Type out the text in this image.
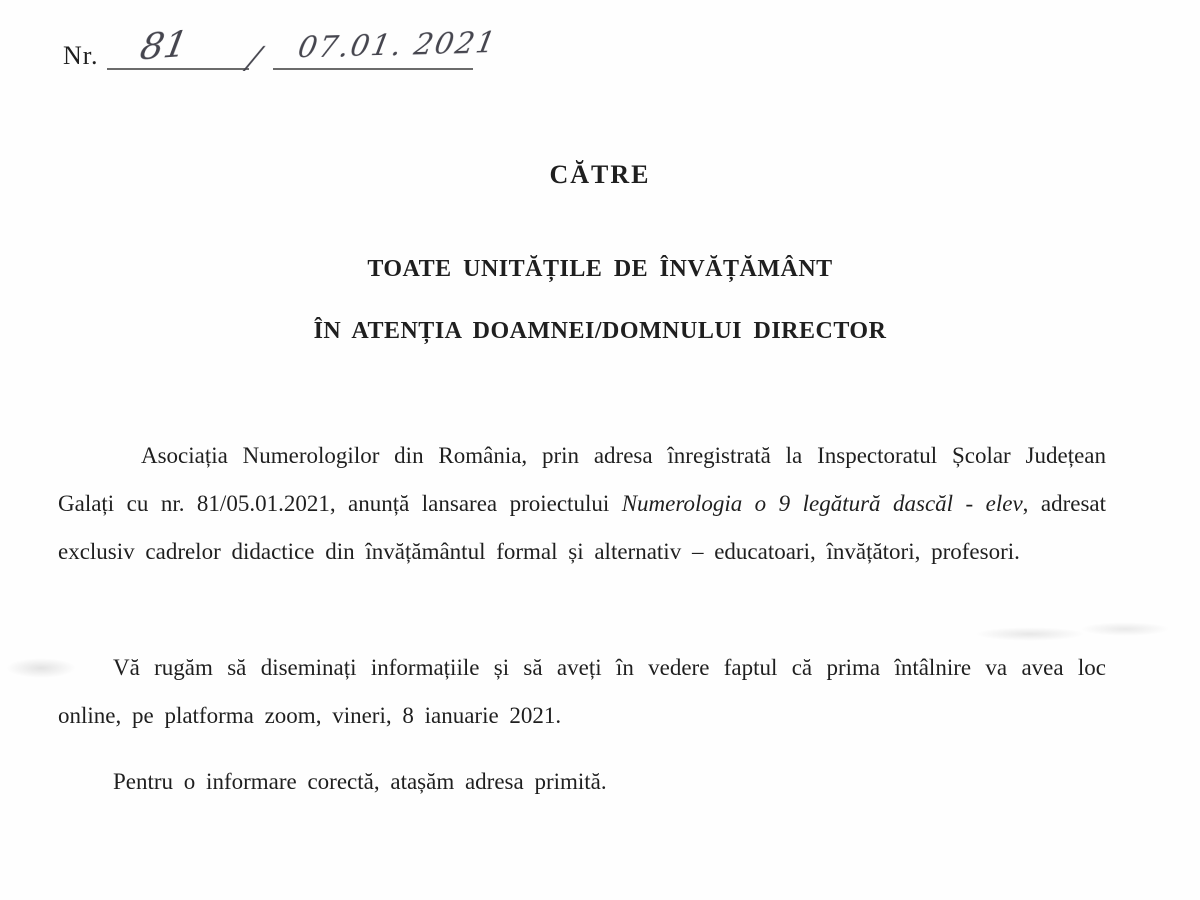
Nr. 81 / 07.01. 2021
CĂTRE
TOATE UNITĂȚILE DE ÎNVĂȚĂMÂNT
ÎN ATENȚIA DOAMNEI/DOMNULUI DIRECTOR

Asociația Numerologilor din România, prin adresa înregistrată la Inspectoratul Școlar Județean Galați cu nr. 81/05.01.2021, anunță lansarea proiectului Numerologia o 9 legătură dascăl - elev, adresat exclusiv cadrelor didactice din învățământul formal și alternativ – educatoari, învățători, profesori.

Vă rugăm să diseminați informațiile și să aveți în vedere faptul că prima întâlnire va avea loc online, pe platforma zoom, vineri, 8 ianuarie 2021.

Pentru o informare corectă, atașăm adresa primită.
